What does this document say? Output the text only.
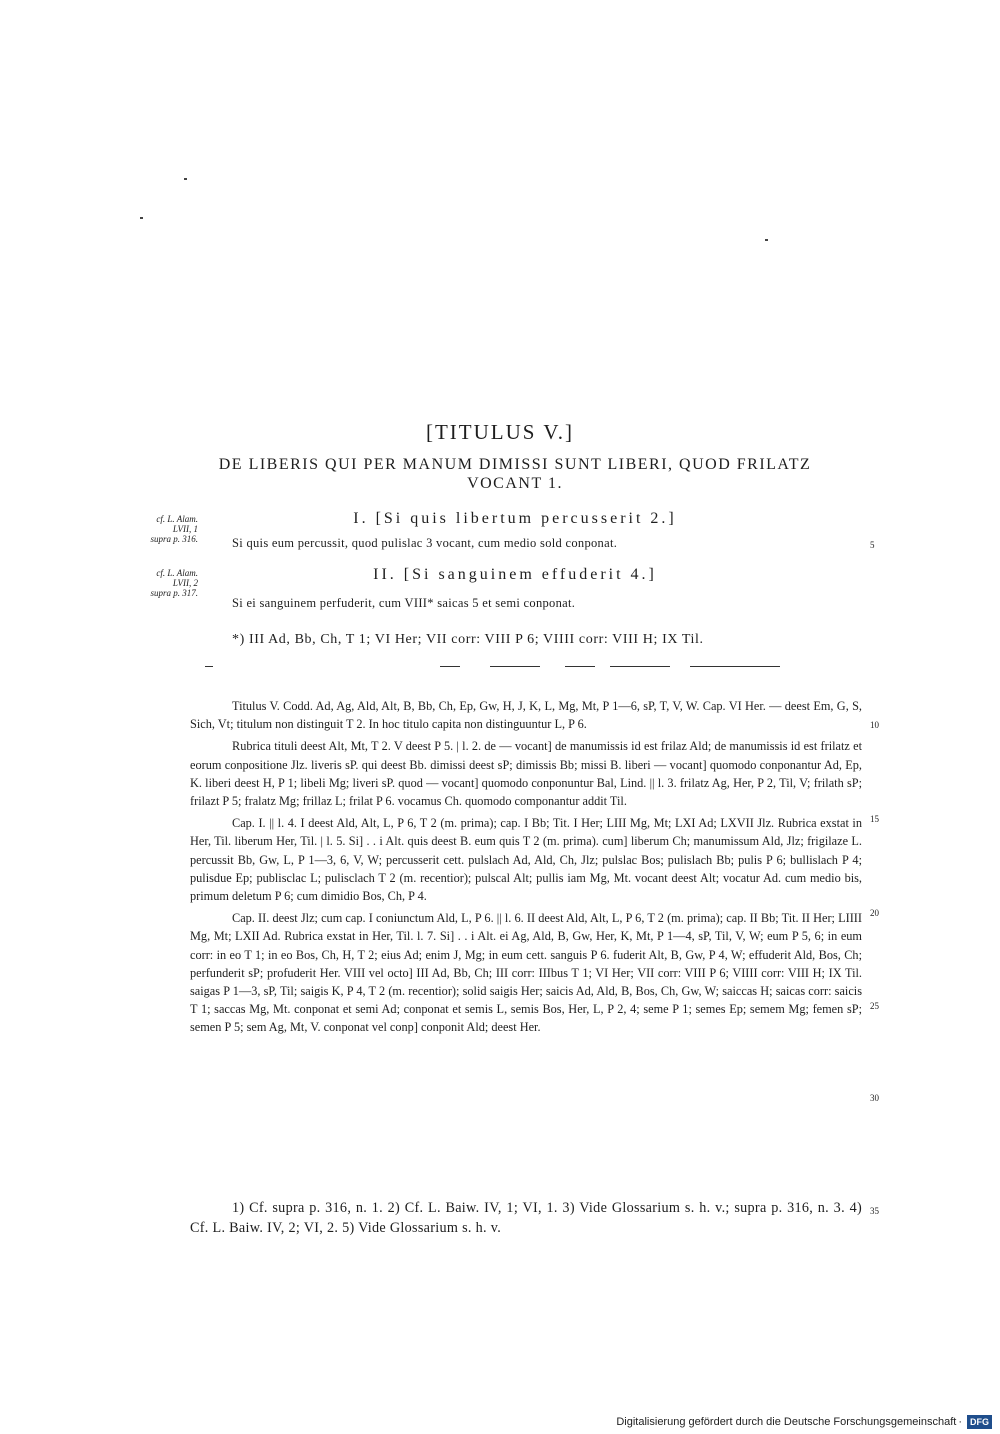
[TITULUS V.]
DE LIBERIS QUI PER MANUM DIMISSI SUNT LIBERI, QUOD FRILATZ VOCANT 1.
cf. L. Alam.
LVII, 1
supra p. 316.
cf. L. Alam.
LVII, 2
supra p. 317.
I. [Si quis libertum percusserit 2.]
Si quis eum percussit, quod pulislac 3 vocant, cum medio sold conponat.	5
II. [Si sanguinem effuderit 4.]
Si ei sanguinem perfuderit, cum VIII* saicas 5 et semi conponat.
*) III Ad, Bb, Ch, T 1; VI Her; VII corr: VIII P 6; VIIII corr: VIII H; IX Til.

Titulus V. Codd. Ad, Ag, Ald, Alt, B, Bb, Ch, Ep, Gw, H, J, K, L, Mg, Mt, P 1—6, sP, T, V, W. Cap. VI Her. — deest Em, G, S, Sich, Vt; titulum non distinguit T 2. In hoc titulo capita non distinguuntur L, P 6.

Rubrica tituli deest Alt, Mt, T 2. V deest P 5. | l. 2. de — vocant] de manumissis id est frilaz Ald; de manumissis id est frilatz et eorum conpositione Jlz. liveris sP. qui deest Bb. dimissi deest sP; dimissis Bb; missi B. liberi — vocant] quomodo conponantur Ad, Ep, K. liberi deest H, P 1; libeli Mg; liveri sP. quod — vocant] quomodo conponuntur Bal, Lind. || l. 3. frilatz Ag, Her, P 2, Til, V; frilath sP; frilazt P 5; fralatz Mg; frillaz L; frilat P 6. vocamus Ch. quomodo componantur addit Til.

Cap. I. || l. 4. I deest Ald, Alt, L, P 6, T 2 (m. prima); cap. I Bb; Tit. I Her; LIII Mg, Mt; LXI Ad; LXVII Jlz. Rubrica exstat in Her, Til. liberum Her, Til. | l. 5. Si] . . i Alt. quis deest B. eum quis T 2 (m. prima). cum] liberum Ch; manumissum Ald, Jlz; frigilaze L. percussit Bb, Gw, L, P 1—3, 6, V, W; percusserit cett. pulslach Ad, Ald, Ch, Jlz; pulslac Bos; pulislach Bb; pulis P 6; bullislach P 4; pulisdue Ep; publisclac L; pulisclach T 2 (m. recentior); pulscal Alt; pullis iam Mg, Mt. vocant deest Alt; vocatur Ad. cum medio bis, primum deletum P 6; cum dimidio Bos, Ch, P 4.

Cap. II. deest Jlz; cum cap. I coniunctum Ald, L, P 6. || l. 6. II deest Ald, Alt, L, P 6, T 2 (m. prima); cap. II Bb; Tit. II Her; LIIII Mg, Mt; LXII Ad. Rubrica exstat in Her, Til. l. 7. Si] . . i Alt. ei Ag, Ald, B, Gw, Her, K, Mt, P 1—4, sP, Til, V, W; eum P 5, 6; in eum corr: in eo T 1; in eo Bos, Ch, H, T 2; eius Ad; enim J, Mg; in eum cett. sanguis P 6. fuderit Alt, B, Gw, P 4, W; effuderit Ald, Bos, Ch; perfunderit sP; profuderit Her. VIII vel octo] III Ad, Bb, Ch; III corr: IIIbus T 1; VI Her; VII corr: VIII P 6; VIIII corr: VIII H; IX Til. saigas P 1—3, sP, Til; saigis K, P 4, T 2 (m. recentior); solid saigis Her; saicis Ad, Ald, B, Bos, Ch, Gw, W; saiccas H; saicas corr: saicis T 1; saccas Mg, Mt. conponat et semi Ad; conponat et semis L, semis Bos, Her, L, P 2, 4; seme P 1; semes Ep; semem Mg; femen sP; semen P 5; sem Ag, Mt, V. conponat vel conp] conponit Ald; deest Her.

10
15
20
25
30
1) Cf. supra p. 316, n. 1. 2) Cf. L. Baiw. IV, 1; VI, 1. 3) Vide Glossarium s. h. v.; supra p. 316, n. 3. 4) Cf. L. Baiw. IV, 2; VI, 2. 5) Vide Glossarium s. h. v.
35
Digitalisierung gefördert durch die Deutsche Forschungsgemeinschaft · DFG
